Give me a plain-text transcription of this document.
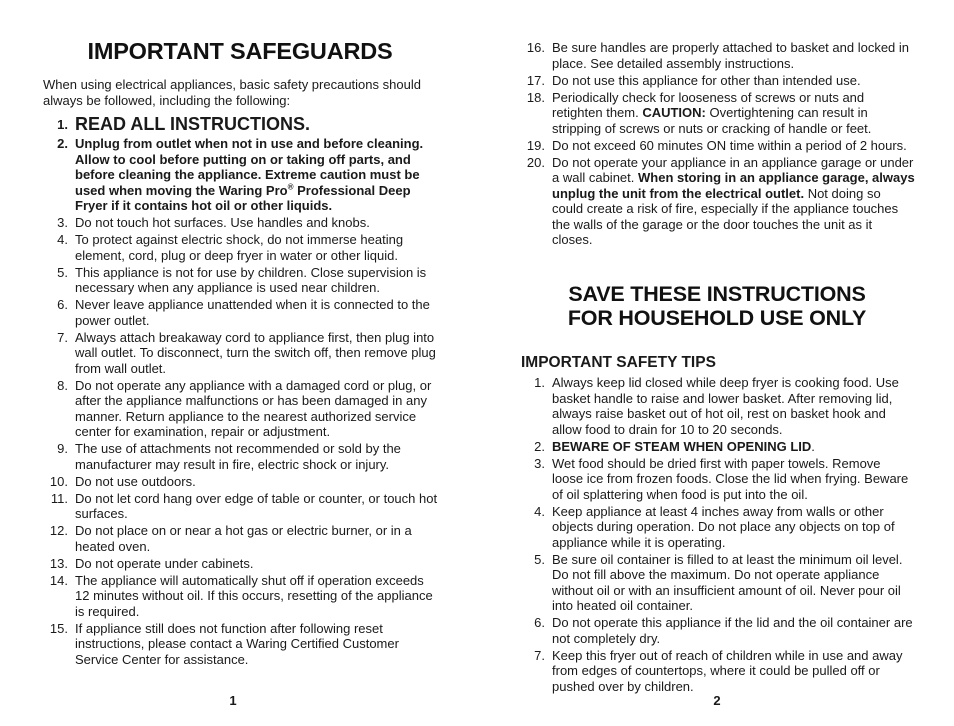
IMPORTANT SAFEGUARDS

When using electrical appliances, basic safety precautions should always be followed, including the following:

1. READ ALL INSTRUCTIONS.
2. Unplug from outlet when not in use and before cleaning. Allow to cool before putting on or taking off parts, and before cleaning the appliance. Extreme caution must be used when moving the Waring Pro® Professional Deep Fryer if it contains hot oil or other liquids.
3. Do not touch hot surfaces. Use handles and knobs.
4. To protect against electric shock, do not immerse heating element, cord, plug or deep fryer in water or other liquid.
5. This appliance is not for use by children. Close supervision is necessary when any appliance is used near children.
6. Never leave appliance unattended when it is connected to the power outlet.
7. Always attach breakaway cord to appliance first, then plug into wall outlet. To disconnect, turn the switch off, then remove plug from wall outlet.
8. Do not operate any appliance with a damaged cord or plug, or after the appliance malfunctions or has been damaged in any manner. Return appliance to the nearest authorized service center for examination, repair or adjustment.
9. The use of attachments not recommended or sold by the manufacturer may result in fire, electric shock or injury.
10. Do not use outdoors.
11. Do not let cord hang over edge of table or counter, or touch hot surfaces.
12. Do not place on or near a hot gas or electric burner, or in a heated oven.
13. Do not operate under cabinets.
14. The appliance will automatically shut off if operation exceeds 12 minutes without oil. If this occurs, resetting of the appliance is required.
15. If appliance still does not function after following reset instructions, please contact a Waring Certified Customer Service Center for assistance.
1
16. Be sure handles are properly attached to basket and locked in place. See detailed assembly instructions.
17. Do not use this appliance for other than intended use.
18. Periodically check for looseness of screws or nuts and retighten them. CAUTION: Overtightening can result in stripping of screws or nuts or cracking of handle or feet.
19. Do not exceed 60 minutes ON time within a period of 2 hours.
20. Do not operate your appliance in an appliance garage or under a wall cabinet. When storing in an appliance garage, always unplug the unit from the electrical outlet. Not doing so could create a risk of fire, especially if the appliance touches the walls of the garage or the door touches the unit as it closes.
SAVE THESE INSTRUCTIONS
FOR HOUSEHOLD USE ONLY
IMPORTANT SAFETY TIPS
1. Always keep lid closed while deep fryer is cooking food. Use basket handle to raise and lower basket. After removing lid, always raise basket out of hot oil, rest on basket hook and allow food to drain for 10 to 20 seconds.
2. BEWARE OF STEAM WHEN OPENING LID.
3. Wet food should be dried first with paper towels. Remove loose ice from frozen foods. Close the lid when frying. Beware of oil splattering when food is put into the oil.
4. Keep appliance at least 4 inches away from walls or other objects during operation. Do not place any objects on top of appliance while it is operating.
5. Be sure oil container is filled to at least the minimum oil level. Do not fill above the maximum. Do not operate appliance without oil or with an insufficient amount of oil. Never pour oil into heated oil container.
6. Do not operate this appliance if the lid and the oil container are not completely dry.
7. Keep this fryer out of reach of children while in use and away from edges of countertops, where it could be pulled off or pushed over by children.
2
